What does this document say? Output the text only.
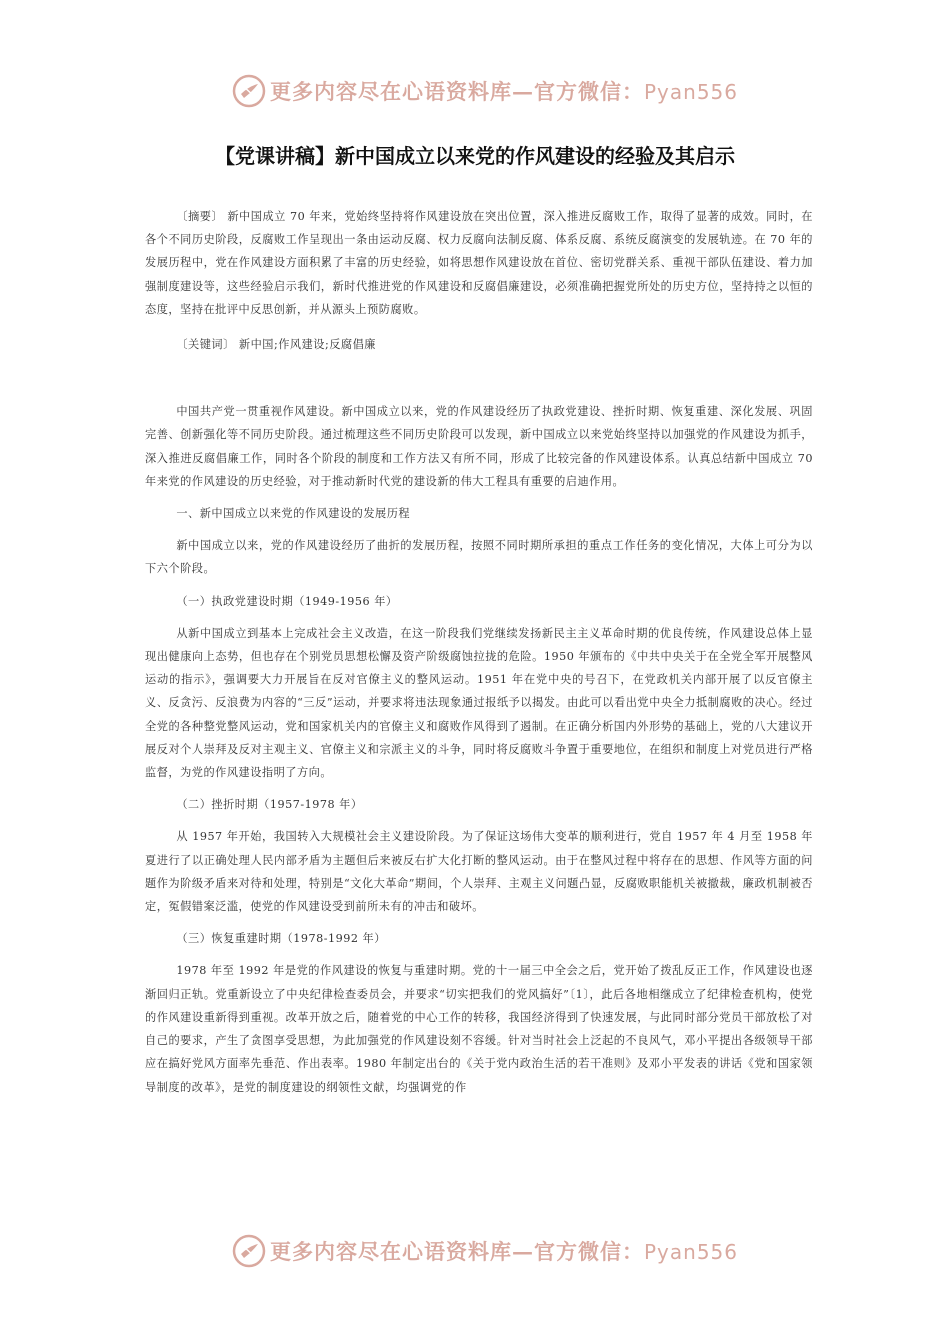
更多内容尽在心语资料库—官方微信：Pyan556
【党课讲稿】新中国成立以来党的作风建设的经验及其启示

〔摘要〕 新中国成立 70 年来，党始终坚持将作风建设放在突出位置，深入推进反腐败工作，取得了显著的成效。同时，在各个不同历史阶段，反腐败工作呈现出一条由运动反腐、权力反腐向法制反腐、体系反腐、系统反腐演变的发展轨迹。在 70 年的发展历程中，党在作风建设方面积累了丰富的历史经验，如将思想作风建设放在首位、密切党群关系、重视干部队伍建设、着力加强制度建设等，这些经验启示我们，新时代推进党的作风建设和反腐倡廉建设，必须准确把握党所处的历史方位，坚持持之以恒的态度，坚持在批评中反思创新，并从源头上预防腐败。

〔关键词〕 新中国;作风建设;反腐倡廉

中国共产党一贯重视作风建设。新中国成立以来，党的作风建设经历了执政党建设、挫折时期、恢复重建、深化发展、巩固完善、创新强化等不同历史阶段。通过梳理这些不同历史阶段可以发现，新中国成立以来党始终坚持以加强党的作风建设为抓手，深入推进反腐倡廉工作，同时各个阶段的制度和工作方法又有所不同，形成了比较完备的作风建设体系。认真总结新中国成立 70 年来党的作风建设的历史经验，对于推动新时代党的建设新的伟大工程具有重要的启迪作用。

一、新中国成立以来党的作风建设的发展历程

新中国成立以来，党的作风建设经历了曲折的发展历程，按照不同时期所承担的重点工作任务的变化情况，大体上可分为以下六个阶段。

（一）执政党建设时期（1949-1956 年）

从新中国成立到基本上完成社会主义改造，在这一阶段我们党继续发扬新民主主义革命时期的优良传统，作风建设总体上显现出健康向上态势，但也存在个别党员思想松懈及资产阶级腐蚀拉拢的危险。1950 年颁布的《中共中央关于在全党全军开展整风运动的指示》，强调要大力开展旨在反对官僚主义的整风运动。1951 年在党中央的号召下，在党政机关内部开展了以反官僚主义、反贪污、反浪费为内容的“三反”运动，并要求将违法现象通过报纸予以揭发。由此可以看出党中央全力抵制腐败的决心。经过全党的各种整党整风运动，党和国家机关内的官僚主义和腐败作风得到了遏制。在正确分析国内外形势的基础上，党的八大建议开展反对个人崇拜及反对主观主义、官僚主义和宗派主义的斗争，同时将反腐败斗争置于重要地位，在组织和制度上对党员进行严格监督，为党的作风建设指明了方向。

（二）挫折时期（1957-1978 年）

从 1957 年开始，我国转入大规模社会主义建设阶段。为了保证这场伟大变革的顺利进行，党自 1957 年 4 月至 1958 年夏进行了以正确处理人民内部矛盾为主题但后来被反右扩大化打断的整风运动。由于在整风过程中将存在的思想、作风等方面的问题作为阶级矛盾来对待和处理，特别是“文化大革命”期间，个人崇拜、主观主义问题凸显，反腐败职能机关被撤裁，廉政机制被否定，冤假错案泛滥，使党的作风建设受到前所未有的冲击和破坏。

（三）恢复重建时期（1978-1992 年）

1978 年至 1992 年是党的作风建设的恢复与重建时期。党的十一届三中全会之后，党开始了拨乱反正工作，作风建设也逐渐回归正轨。党重新设立了中央纪律检查委员会，并要求“切实把我们的党风搞好”〔1〕，此后各地相继成立了纪律检查机构，使党的作风建设重新得到重视。改革开放之后，随着党的中心工作的转移，我国经济得到了快速发展，与此同时部分党员干部放松了对自己的要求，产生了贪图享受思想，为此加强党的作风建设刻不容缓。针对当时社会上泛起的不良风气，邓小平提出各级领导干部应在搞好党风方面率先垂范、作出表率。1980 年制定出台的《关于党内政治生活的若干准则》及邓小平发表的讲话《党和国家领导制度的改革》，是党的制度建设的纲领性文献，均强调党的作

更多内容尽在心语资料库—官方微信：Pyan556
